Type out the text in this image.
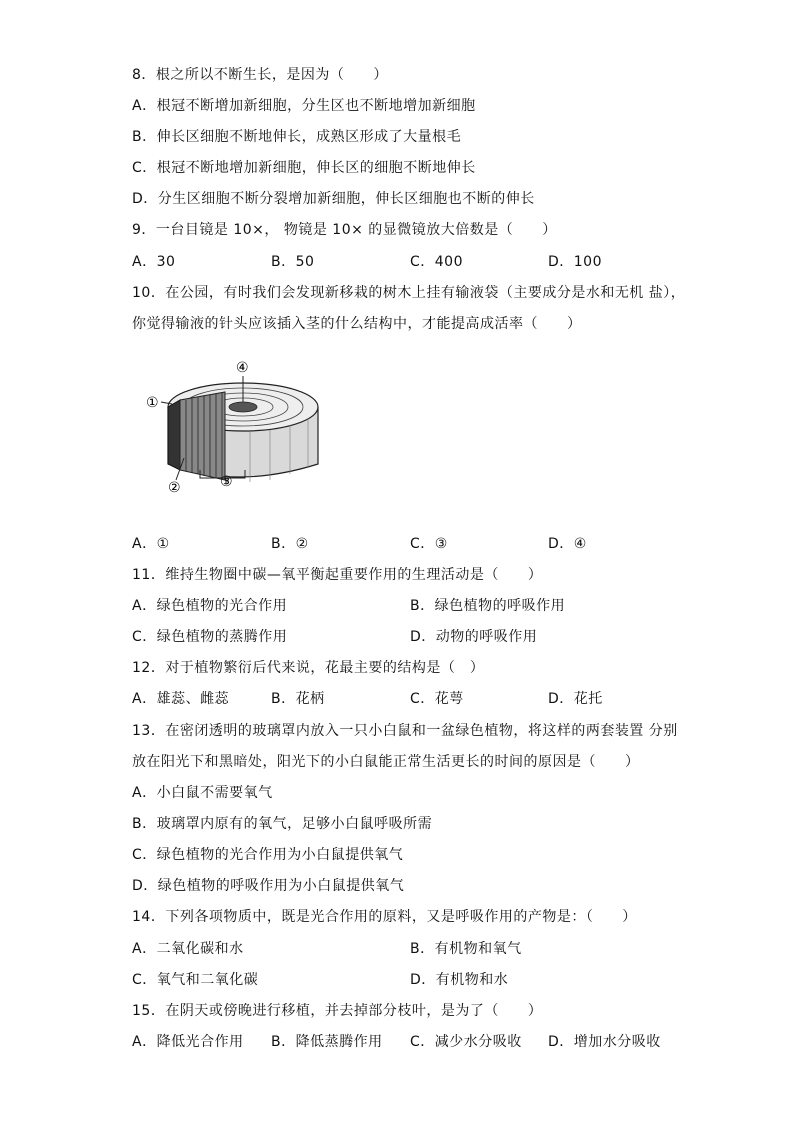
8．根之所以不断生长，是因为（　　）
A．根冠不断增加新细胞，分生区也不断地增加新细胞
B．伸长区细胞不断地伸长，成熟区形成了大量根毛
C．根冠不断地增加新细胞，伸长区的细胞不断地伸长
D．分生区细胞不断分裂增加新细胞，伸长区细胞也不断的伸长
9．一台目镜是 10×， 物镜是 10× 的显微镜放大倍数是（　　）
A．30	B．50	C．400	D．100
10．在公园，有时我们会发现新移栽的树木上挂有输液袋（主要成分是水和无机 盐），
你觉得输液的针头应该插入茎的什么结构中，才能提高成活率（　　）
①
④
②	③
A．①	B．②	C．③	D．④
11．维持生物圈中碳—氧平衡起重要作用的生理活动是（　　）
A．绿色植物的光合作用	B．绿色植物的呼吸作用
C．绿色植物的蒸腾作用	D．动物的呼吸作用
12．对于植物繁衍后代来说，花最主要的结构是（　）
A．雄蕊、雌蕊	B．花柄	C．花萼	D．花托
13．在密闭透明的玻璃罩内放入一只小白鼠和一盆绿色植物，将这样的两套装置 分别
放在阳光下和黑暗处，阳光下的小白鼠能正常生活更长的时间的原因是（　　）
A．小白鼠不需要氧气
B．玻璃罩内原有的氧气，足够小白鼠呼吸所需
C．绿色植物的光合作用为小白鼠提供氧气
D．绿色植物的呼吸作用为小白鼠提供氧气
14．下列各项物质中，既是光合作用的原料，又是呼吸作用的产物是：（　　）
A．二氧化碳和水	B．有机物和氧气
C．氧气和二氧化碳	D．有机物和水
15．在阴天或傍晚进行移植，并去掉部分枝叶，是为了（　　）
A．降低光合作用 B．降低蒸腾作用 C．减少水分吸收 D．增加水分吸收
